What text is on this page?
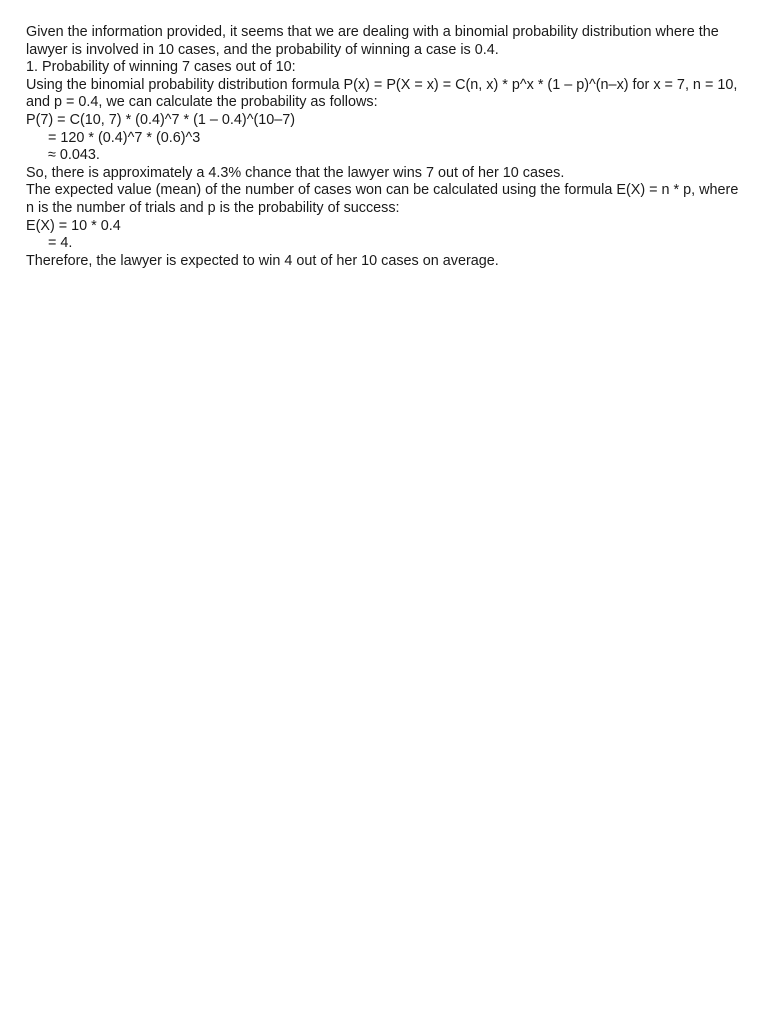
Given the information provided, it seems that we are dealing with a binomial probability distribution where the lawyer is involved in 10 cases, and the probability of winning a case is 0.4.

1. Probability of winning 7 cases out of 10:

Using the binomial probability distribution formula P(x) = P(X = x) = C(n, x) * p^x * (1 – p)^(n–x) for x = 7, n = 10, and p = 0.4, we can calculate the probability as follows:

P(7) = C(10, 7) * (0.4)^7 * (1 – 0.4)^(10–7)

= 120 * (0.4)^7 * (0.6)^3

≈ 0.043.

So, there is approximately a 4.3% chance that the lawyer wins 7 out of her 10 cases.

The expected value (mean) of the number of cases won can be calculated using the formula E(X) = n * p, where n is the number of trials and p is the probability of success:

E(X) = 10 * 0.4

= 4.

Therefore, the lawyer is expected to win 4 out of her 10 cases on average.
